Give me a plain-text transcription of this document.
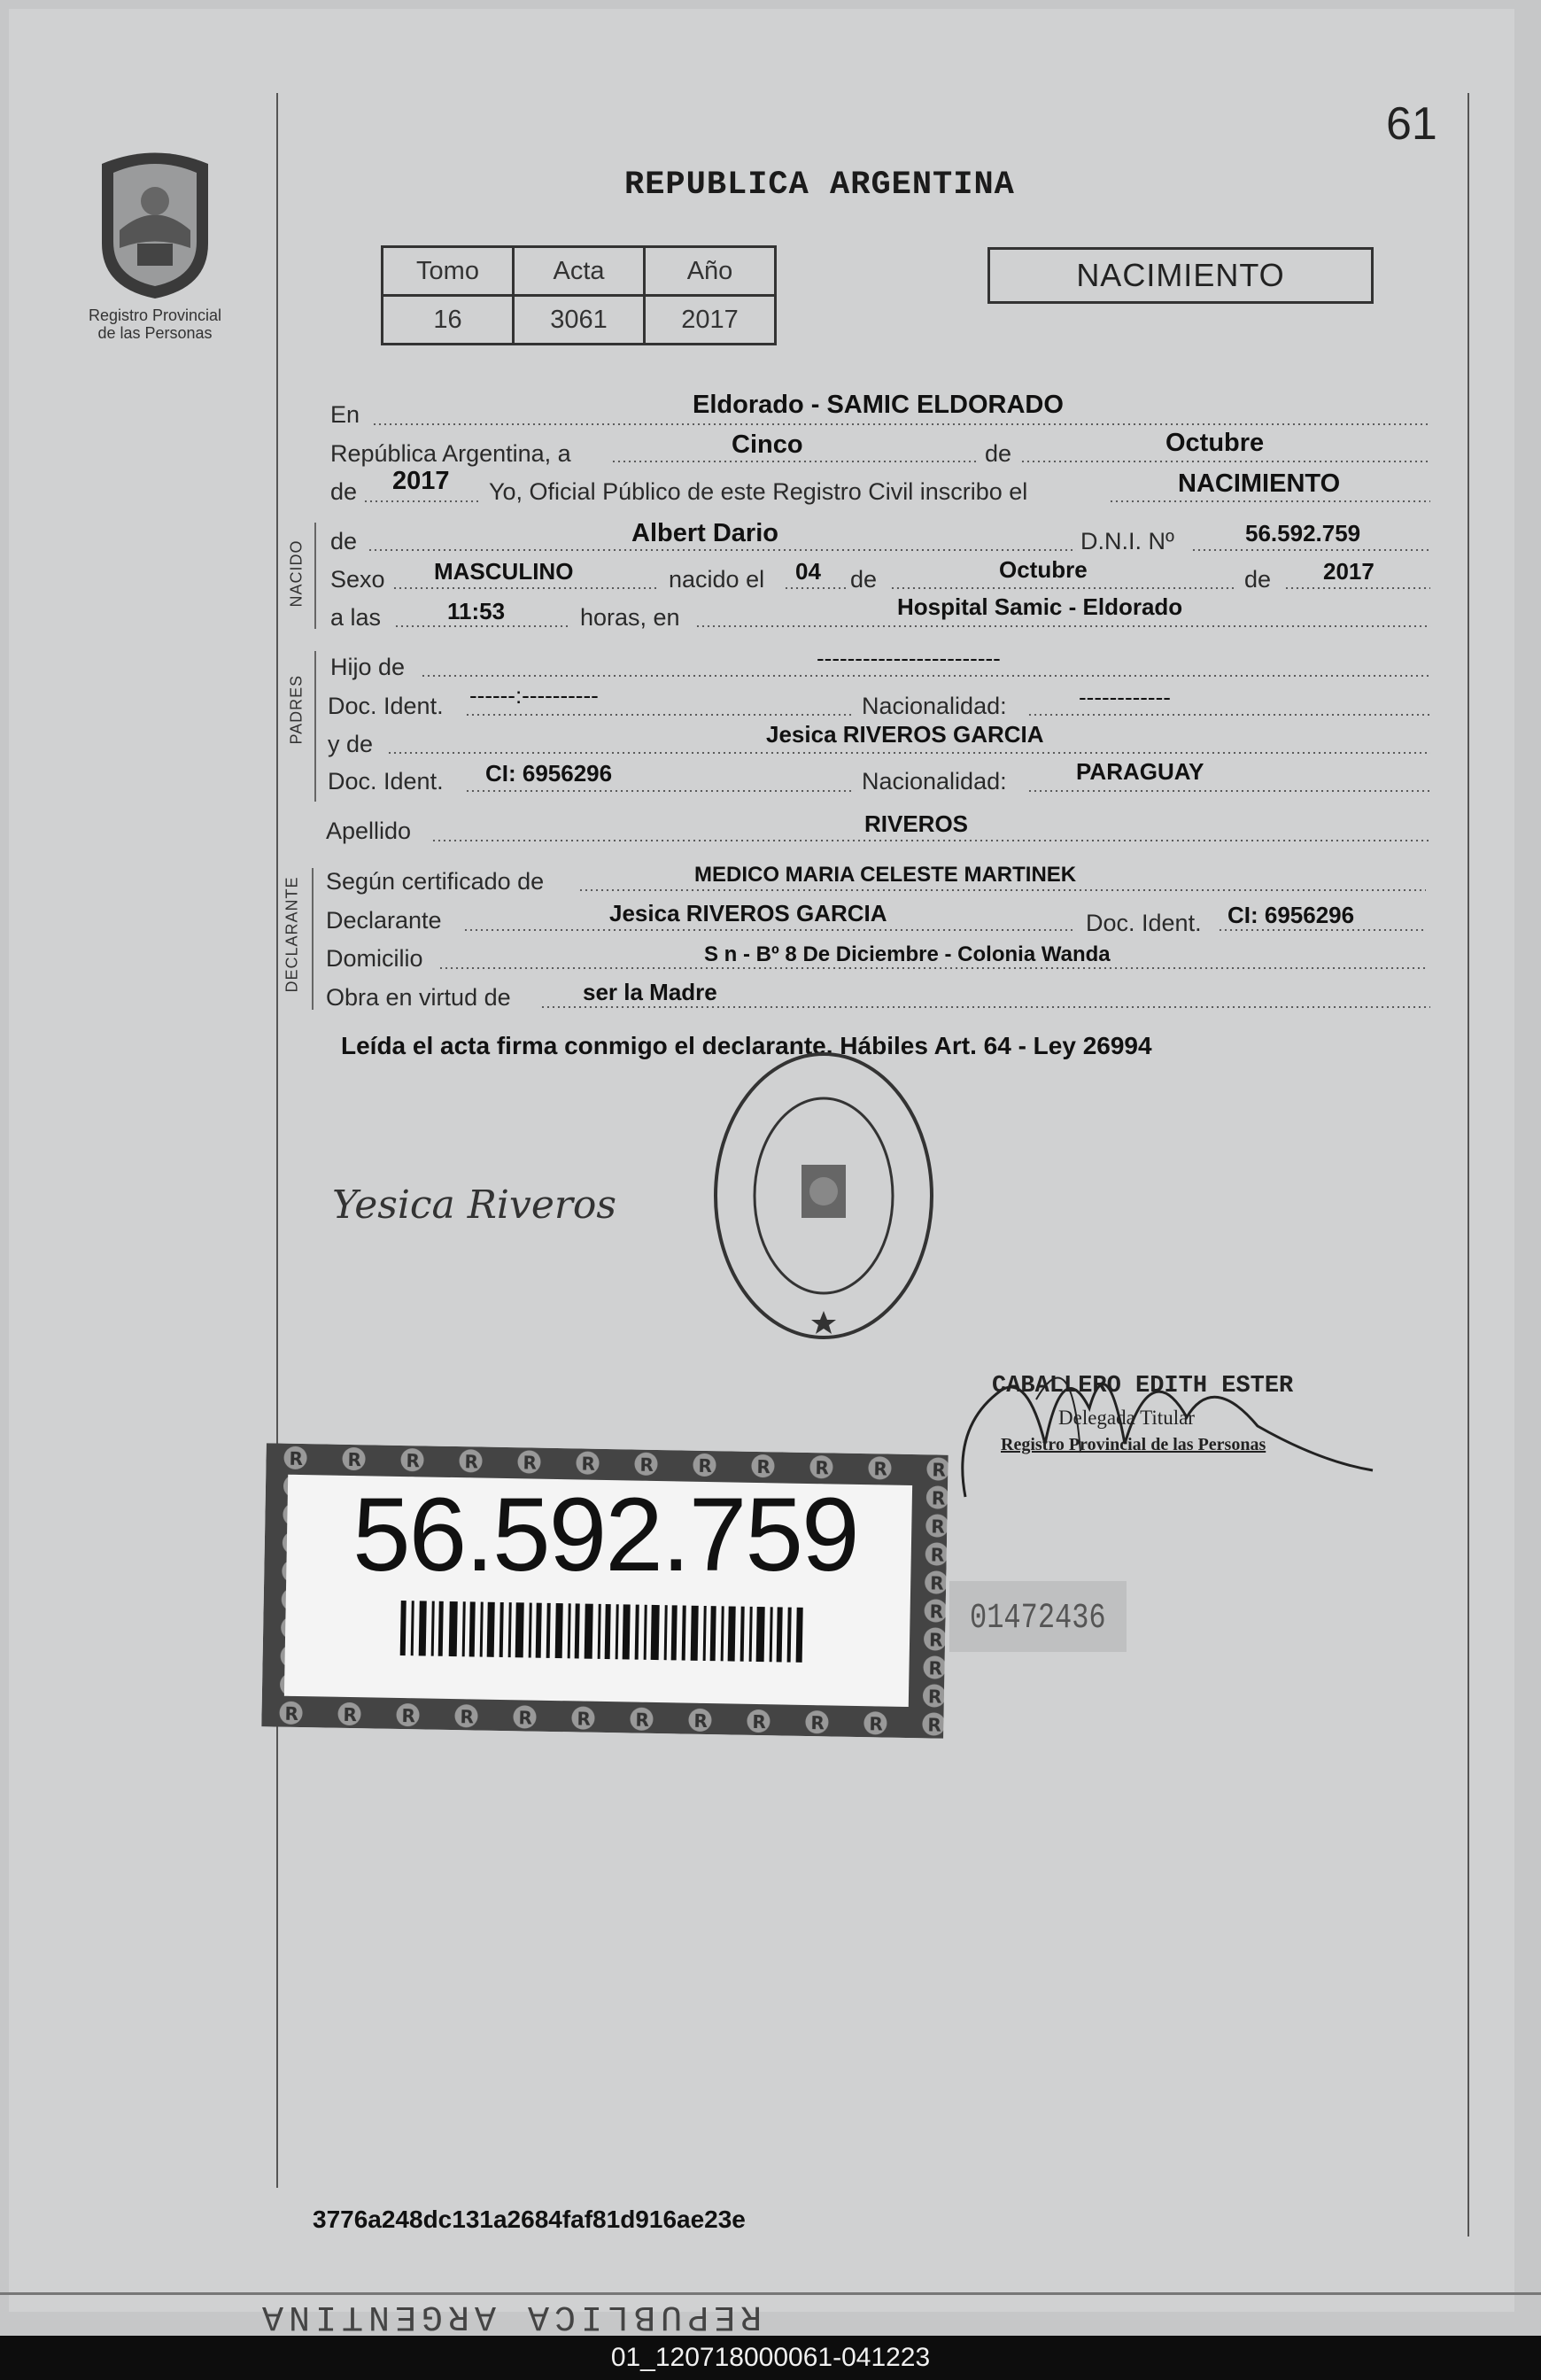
61
REPUBLICA ARGENTINA
Registro Provincial
de las Personas
Tomo	Acta	Año
16	3061	2017
NACIMIENTO
En	Eldorado - SAMIC ELDORADO
República Argentina, a	Cinco	de	Octubre
de 2017 Yo, Oficial Público de este Registro Civil inscribo el	NACIMIENTO
NACIDO de	Albert Dario	D.N.I. Nº	56.592.759
Sexo MASCULINO	nacido el 04 de	Octubre	de 2017
a las	11:53	horas, en	Hospital Samic - Eldorado
PADRES
Hijo de	------------------------
Doc. Ident. ------:----------	Nacionalidad:	------------
y de	Jesica RIVEROS GARCIA
Doc. Ident. CI: 6956296	Nacionalidad:	PARAGUAY
Apellido	RIVEROS
DECLARANTE Según certificado de	MEDICO MARIA CELESTE MARTINEK
Declarante	Jesica RIVEROS GARCIA	Doc. Ident. CI: 6956296
Domicilio	S n - Bº 8 De Diciembre - Colonia Wanda
Obra en virtud de	ser la Madre
Leída el acta firma conmigo el declarante. Hábiles Art. 64 - Ley 26994
Yesica Riveros
CABALLERO EDITH ESTER
Delegada Titular
Registro Provincial de las Personas
56.592.759
01472436
3776a248dc131a2684faf81d916ae23e
REPUBLICA ARGENTINA
01_120718000061-041223
